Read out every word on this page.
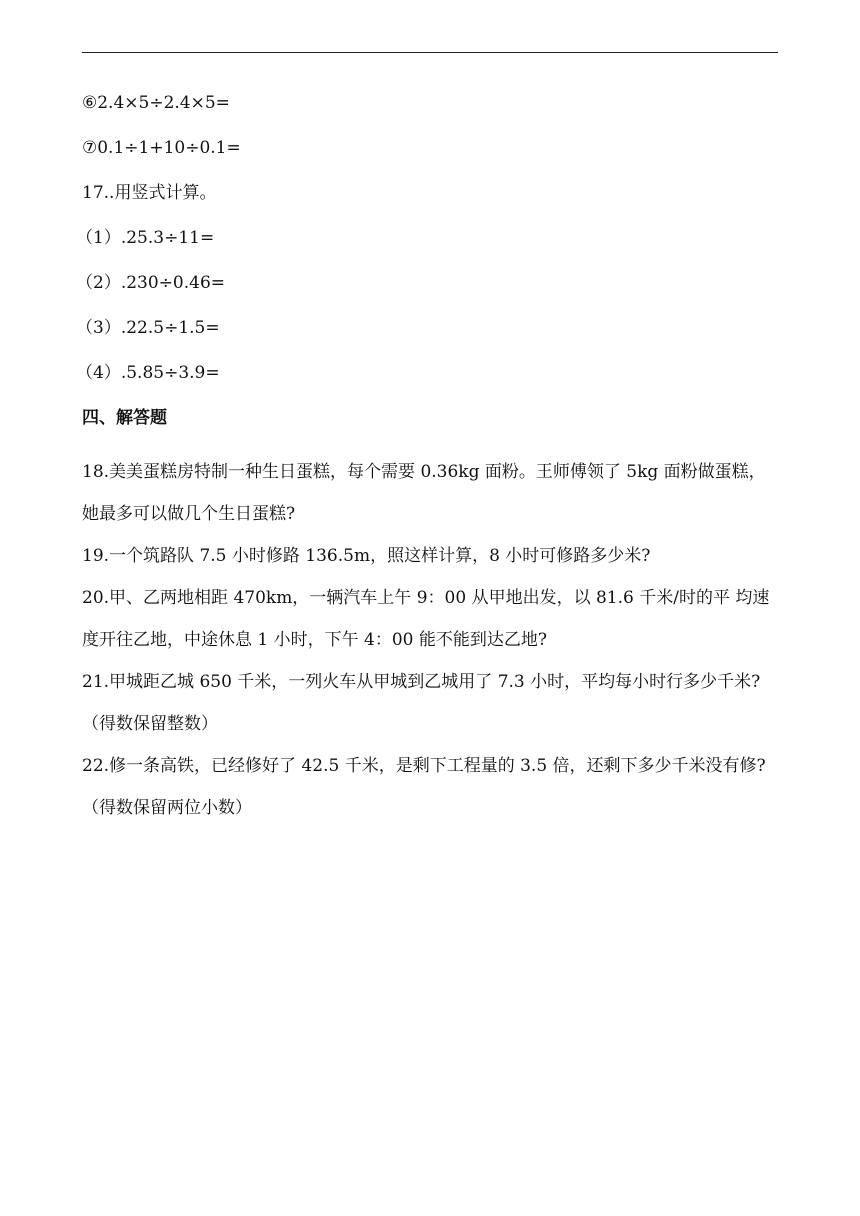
⑥2.4×5÷2.4×5=
⑦0.1÷1+10÷0.1=
17..用竖式计算。
（1）.25.3÷11=
（2）.230÷0.46=
（3）.22.5÷1.5=
（4）.5.85÷3.9=
四、解答题
18.美美蛋糕房特制一种生日蛋糕，每个需要 0.36kg 面粉。王师傅领了 5kg 面粉做蛋糕，她最多可以做几个生日蛋糕?
19.一个筑路队 7.5 小时修路 136.5m，照这样计算，8 小时可修路多少米?
20.甲、乙两地相距 470km，一辆汽车上午 9：00 从甲地出发，以 81.6 千米/时的平 均速度开往乙地，中途休息 1 小时，下午 4：00 能不能到达乙地?
21.甲城距乙城 650 千米，一列火车从甲城到乙城用了 7.3 小时，平均每小时行多少千米?（得数保留整数）
22.修一条高铁，已经修好了 42.5 千米，是剩下工程量的 3.5 倍，还剩下多少千米没有修?（得数保留两位小数）
